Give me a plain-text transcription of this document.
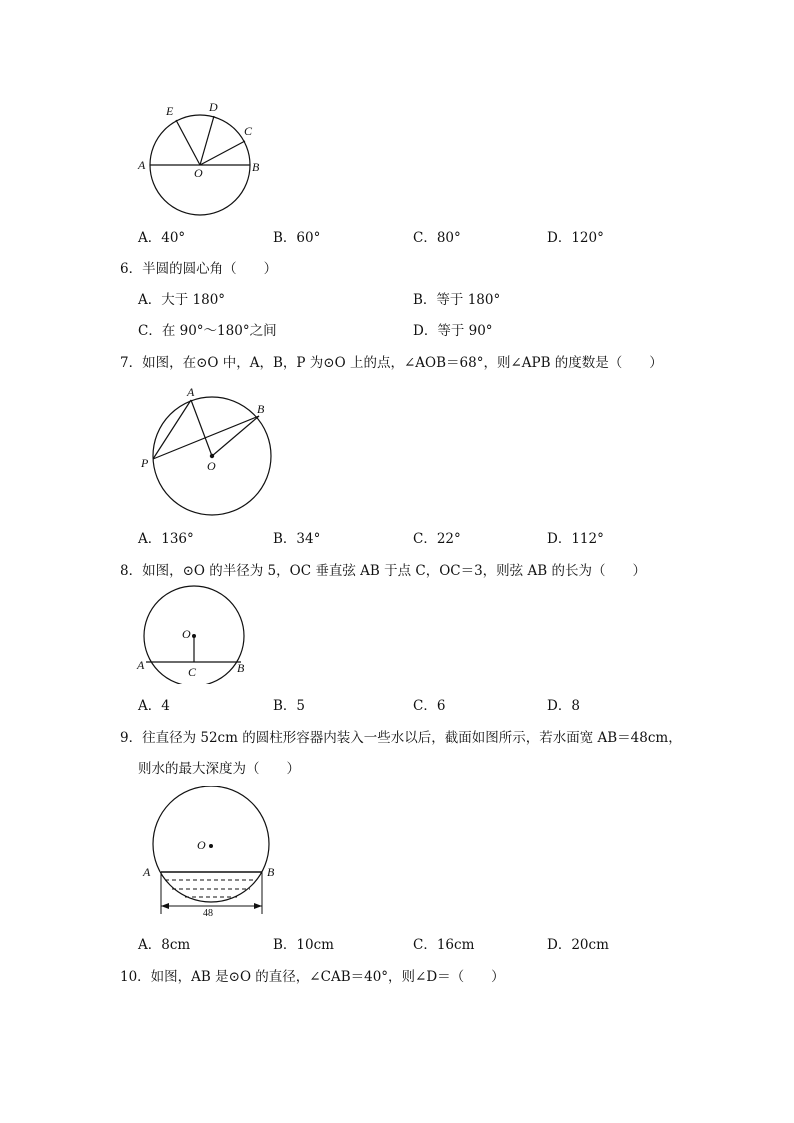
E	D
C
A
O	B
A．40°	B．60°	C．80°	D．120°
6．半圆的圆心角（　　）
A．大于 180°	B．等于 180°
C．在 90°～180°之间	D．等于 90°
7．如图，在⊙O 中，A，B，P 为⊙O 上的点，∠AOB＝68°，则∠APB 的度数是（　　）
A
B
P	O
A．136°	B．34°	C．22°	D．112°
8．如图，⊙O 的半径为 5，OC 垂直弦 AB 于点 C，OC＝3，则弦 AB 的长为（　　）
O
A	C	B
A．4	B．5	C．6	D．8
9．往直径为 52cm 的圆柱形容器内装入一些水以后，截面如图所示，若水面宽 AB＝48cm，
则水的最大深度为（　　）
O
A	B
48
A．8cm	B．10cm	C．16cm	D．20cm
10．如图，AB 是⊙O 的直径，∠CAB＝40°，则∠D＝（　　）
